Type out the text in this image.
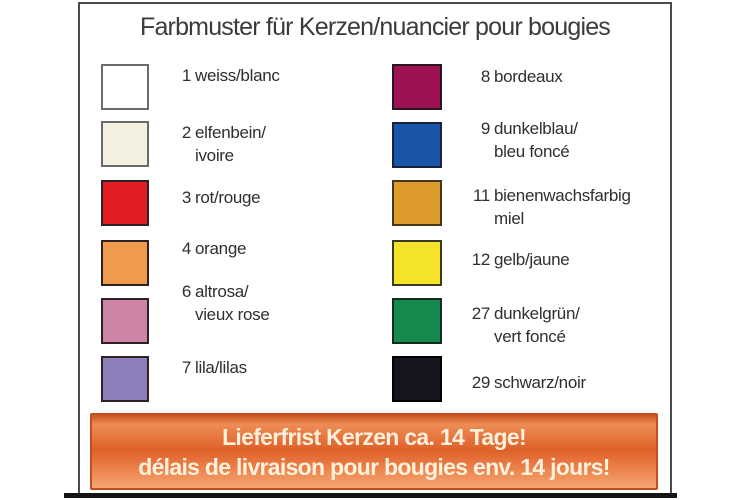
Farbmuster für Kerzen/nuancier pour bougies
1 weiss/blanc

2 elfenbein/
ivoire
3 rot/rouge
4 orange
6 altrosa/
vieux rose
7 lila/lilas
8 bordeaux
9 dunkelblau/
bleu foncé
11 bienenwachsfarbig
miel
12 gelb/jaune
27 dunkelgrün/
vert foncé
29 schwarz/noir
Lieferfrist Kerzen ca. 14 Tage!
délais de livraison pour bougies env. 14 jours!
